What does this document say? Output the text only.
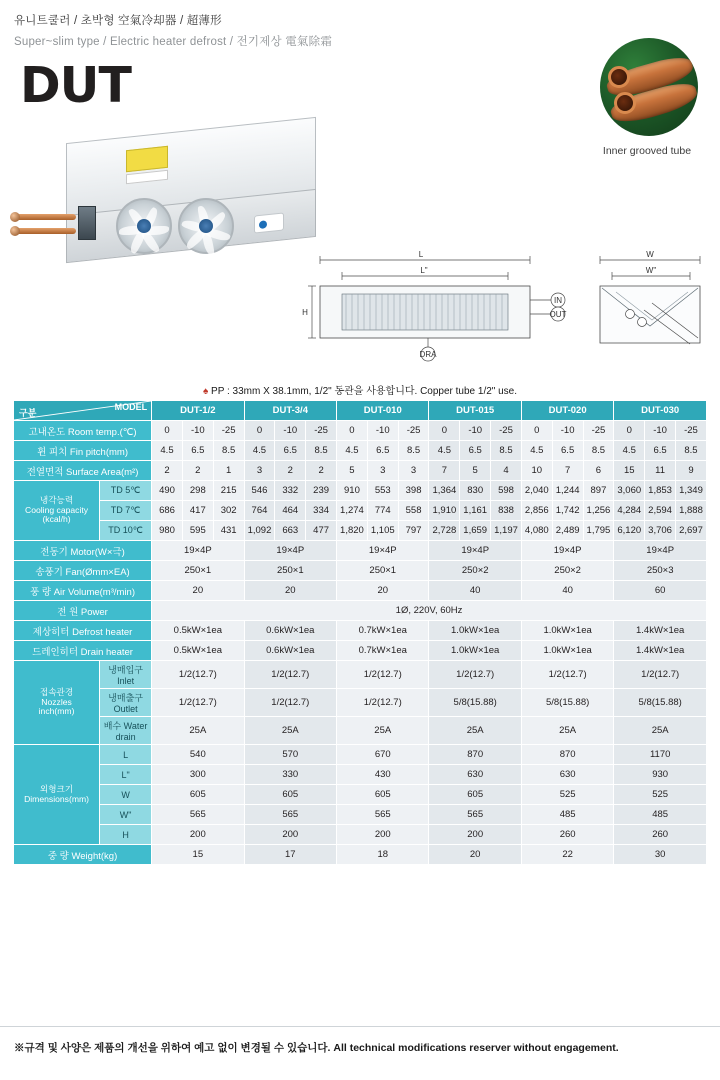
유니트쿨러 / 초박형 空氣冷却器 / 超薄形
Super~slim type / Electric heater defrost / 전기제상 電氣除霜
DUT
Inner grooved tube
L
L"
H
IN
OUT
DRA
W
W"
♠ PP : 33mm X 38.1mm, 1/2" 동관을 사용합니다. Copper tube 1/2" use.
MODEL
구분		DUT-1/2			DUT-3/4			DUT-010			DUT-015			DUT-020			DUT-030		
고내온도 Room temp.(℃)		0	-10	-25	0	-10	-25	0	-10	-25	0	-10	-25	0	-10	-25	0	-10	-25
휜 피치 Fin pitch(mm)		4.5	6.5	8.5	4.5	6.5	8.5	4.5	6.5	8.5	4.5	6.5	8.5	4.5	6.5	8.5	4.5	6.5	8.5
전열면적 Surface Area(m²)		2	2	1	3	2	2	5	3	3	7	5	4	10	7	6	15	11	9
냉각능력
Cooling capacity
(kcal/h)	TD 5℃	490	298	215	546	332	239	910	553	398	1,364	830	598	2,040	1,244	897	3,060	1,853	1,349
	TD 7℃	686	417	302	764	464	334	1,274	774	558	1,910	1,161	838	2,856	1,742	1,256	4,284	2,594	1,888
	TD 10℃	980	595	431	1,092	663	477	1,820	1,105	797	2,728	1,659	1,197	4,080	2,489	1,795	6,120	3,706	2,697
전동기 Motor(W×극)		19×4P			19×4P			19×4P			19×4P			19×4P			19×4P		
송풍기 Fan(Ømm×EA)		250×1			250×1			250×1			250×2			250×2			250×3		
풍 량 Air Volume(m³/min)		20			20			20			40			40			60		
전 원 Power		1Ø, 220V, 60Hz																	
제상히터 Defrost heater		0.5kW×1ea			0.6kW×1ea			0.7kW×1ea			1.0kW×1ea			1.0kW×1ea			1.4kW×1ea		
드레인히터 Drain heater		0.5kW×1ea			0.6kW×1ea			0.7kW×1ea			1.0kW×1ea			1.0kW×1ea			1.4kW×1ea		
접속관경
Nozzles
inch(mm)	냉매입구 Inlet	1/2(12.7)			1/2(12.7)			1/2(12.7)			1/2(12.7)			1/2(12.7)			1/2(12.7)		
	냉매출구 Outlet	1/2(12.7)			1/2(12.7)			1/2(12.7)			5/8(15.88)			5/8(15.88)			5/8(15.88)		
	배수 Water drain	25A			25A			25A			25A			25A			25A		
외형크기
Dimensions(mm)	L	540			570			670			870			870			1170		
	L"	300			330			430			630			630			930		
	W	605			605			605			605			525			525		
	W"	565			565			565			565			485			485		
	H	200			200			200			200			260			260		
중 량 Weight(kg)		15			17			18			20			22			30		
※규격 및 사양은 제품의 개선을 위하여 예고 없이 변경될 수 있습니다. All technical modifications reserver without engagement.
